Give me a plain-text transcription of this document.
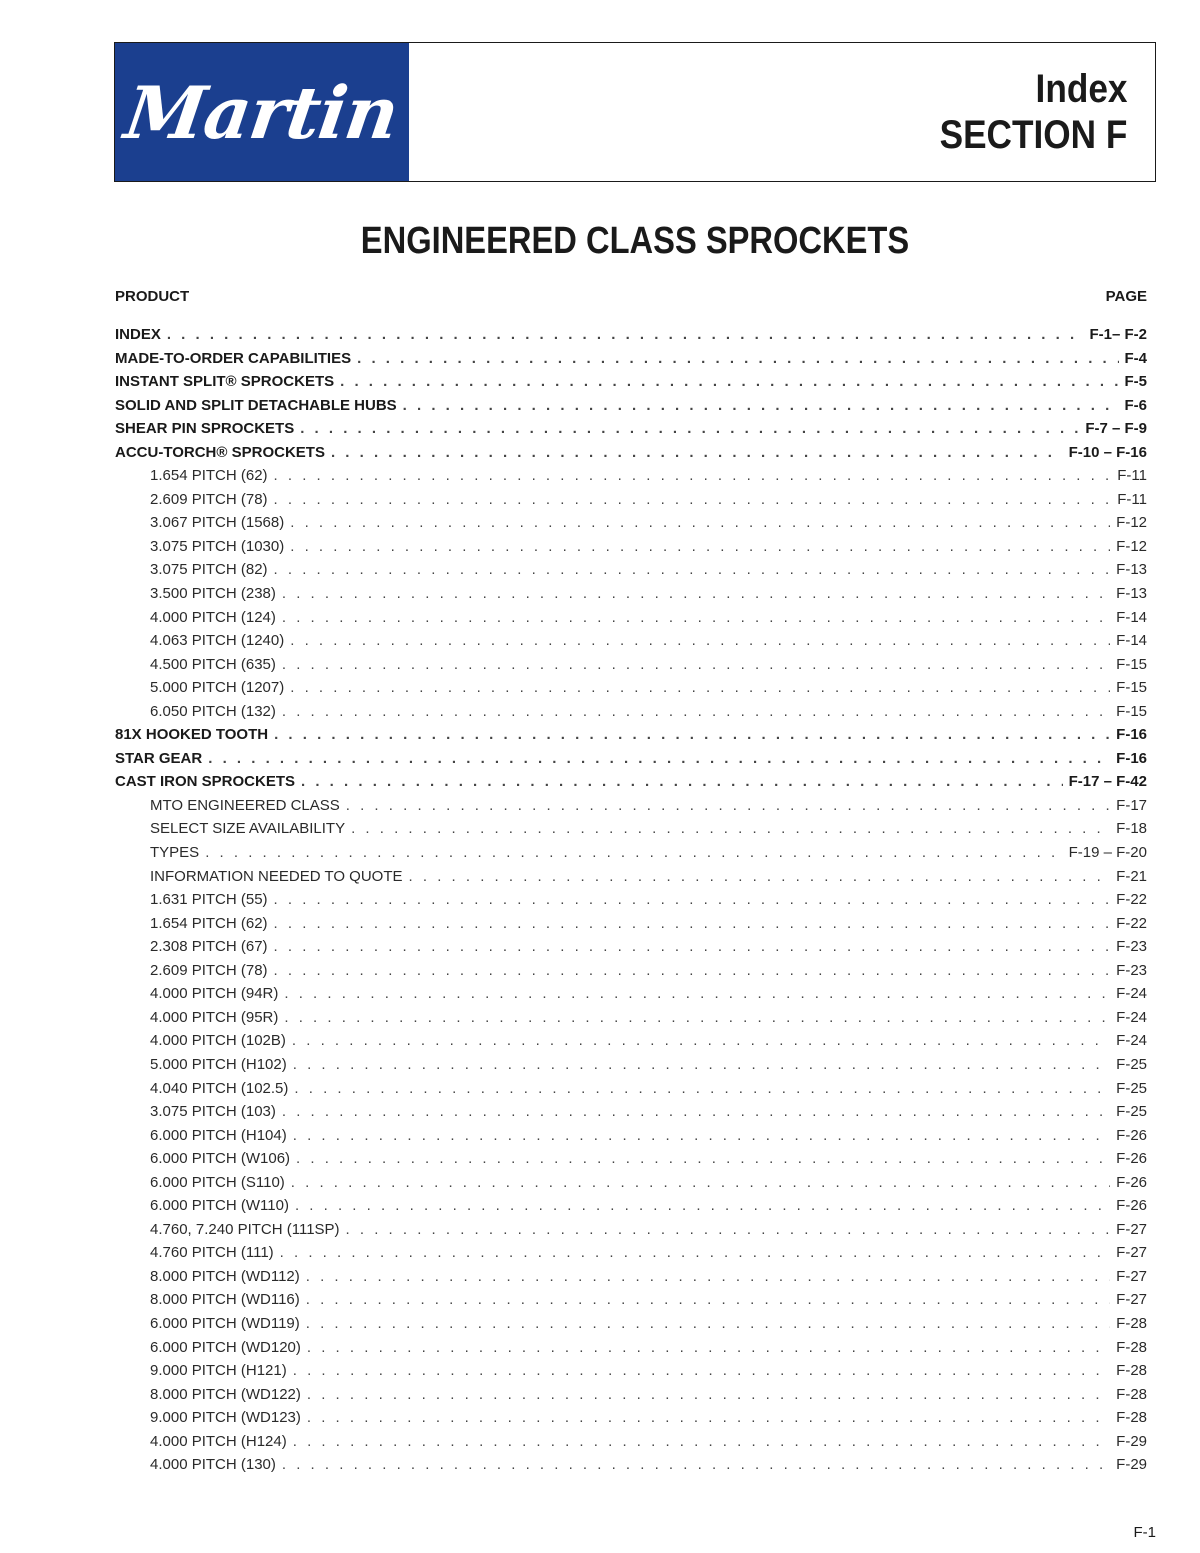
Martin	Index
SECTION F
ENGINEERED CLASS SPROCKETS
PRODUCT	PAGE
INDEX . . .	F-1– F-2
MADE-TO-ORDER CAPABILITIES . . .	F-4
INSTANT SPLIT® SPROCKETS . . .	F-5
SOLID AND SPLIT DETACHABLE HUBS . . .	F-6
SHEAR PIN SPROCKETS . . .	F-7 – F-9
ACCU-TORCH® SPROCKETS . . .	F-10 – F-16
1.654 PITCH (62) . . .	F-11
2.609 PITCH (78) . . .	F-11
3.067 PITCH (1568) . . .	F-12
3.075 PITCH (1030) . . .	F-12
3.075 PITCH (82) . . .	F-13
3.500 PITCH (238) . . .	F-13
4.000 PITCH (124) . . .	F-14
4.063 PITCH (1240) . . .	F-14
4.500 PITCH (635) . . .	F-15
5.000 PITCH (1207) . . .	F-15
6.050 PITCH (132) . . .	F-15
81X HOOKED TOOTH . . .	F-16
STAR GEAR . . .	F-16
CAST IRON SPROCKETS . . .	F-17 – F-42
MTO ENGINEERED CLASS . . .	F-17
SELECT SIZE AVAILABILITY . . .	F-18
TYPES . . .	F-19 – F-20
INFORMATION NEEDED TO QUOTE . . .	F-21
1.631 PITCH (55) . . .	F-22
1.654 PITCH (62) . . .	F-22
2.308 PITCH (67) . . .	F-23
2.609 PITCH (78) . . .	F-23
4.000 PITCH (94R) . . .	F-24
4.000 PITCH (95R) . . .	F-24
4.000 PITCH (102B) . . .	F-24
5.000 PITCH (H102) . . .	F-25
4.040 PITCH (102.5) . . .	F-25
3.075 PITCH (103) . . .	F-25
6.000 PITCH (H104) . . .	F-26
6.000 PITCH (W106) . . .	F-26
6.000 PITCH (S110) . . .	F-26
6.000 PITCH (W110) . . .	F-26
4.760, 7.240 PITCH (111SP) . . .	F-27
4.760 PITCH (111) . . .	F-27
8.000 PITCH (WD112) . . .	F-27
8.000 PITCH (WD116) . . .	F-27
6.000 PITCH (WD119) . . .	F-28
6.000 PITCH (WD120) . . .	F-28
9.000 PITCH (H121) . . .	F-28
8.000 PITCH (WD122) . . .	F-28
9.000 PITCH (WD123) . . .	F-28
4.000 PITCH (H124) . . .	F-29
4.000 PITCH (130) . . .	F-29
F-1
